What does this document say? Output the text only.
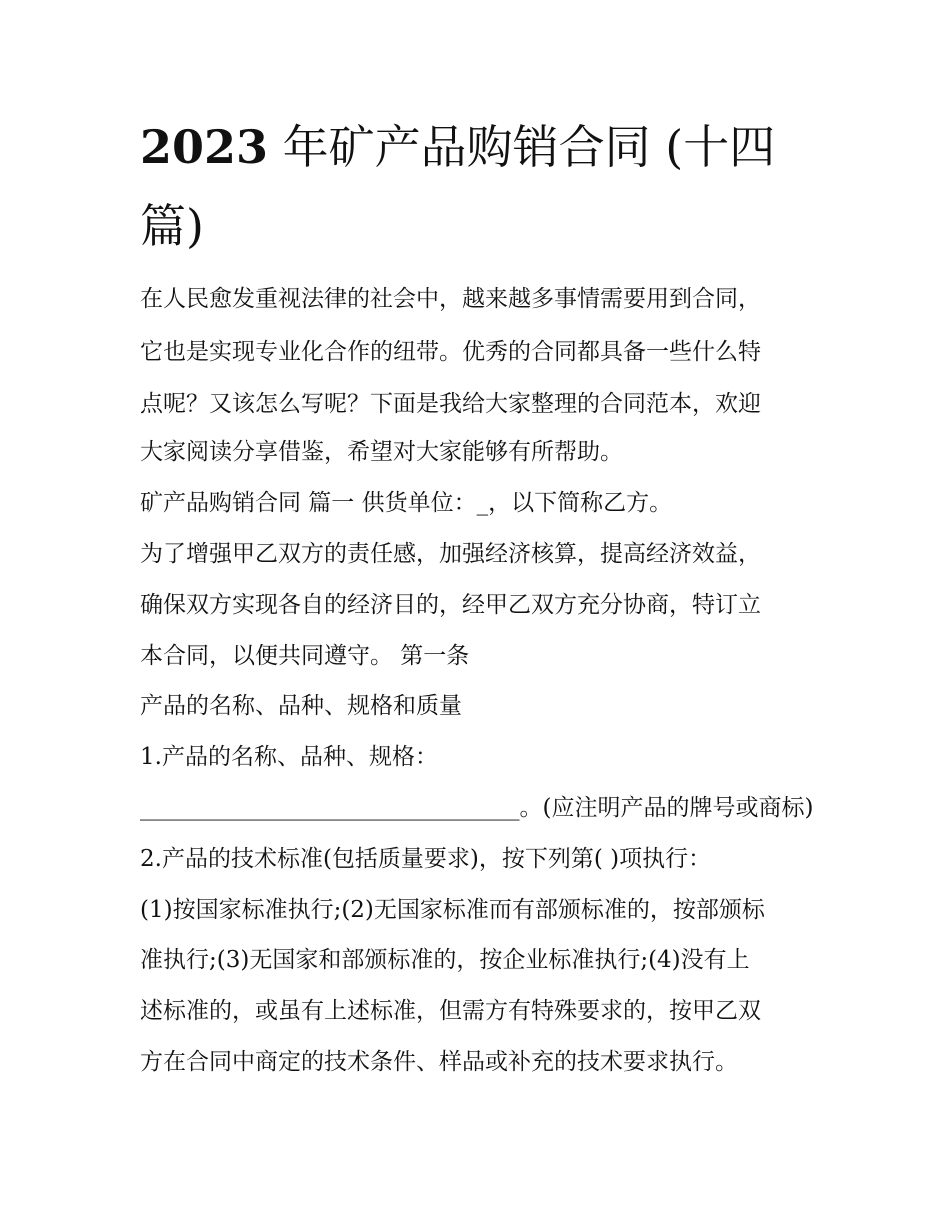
2023 年矿产品购销合同 (十四
篇)

在人民愈发重视法律的社会中，越来越多事情需要用到合同，

它也是实现专业化合作的纽带。优秀的合同都具备一些什么特

点呢？又该怎么写呢？下面是我给大家整理的合同范本，欢迎

大家阅读分享借鉴，希望对大家能够有所帮助。

矿产品购销合同 篇一 供货单位：_，以下简称乙方。

为了增强甲乙双方的责任感，加强经济核算，提高经济效益，

确保双方实现各自的经济目的，经甲乙双方充分协商，特订立

本合同，以便共同遵守。 第一条

产品的名称、品种、规格和质量

1.产品的名称、品种、规格：

_________________________________。(应注明产品的牌号或商标)

2.产品的技术标准(包括质量要求)，按下列第( )项执行：

(1)按国家标准执行;(2)无国家标准而有部颁标准的，按部颁标

准执行;(3)无国家和部颁标准的，按企业标准执行;(4)没有上

述标准的，或虽有上述标准，但需方有特殊要求的，按甲乙双

方在合同中商定的技术条件、样品或补充的技术要求执行。
